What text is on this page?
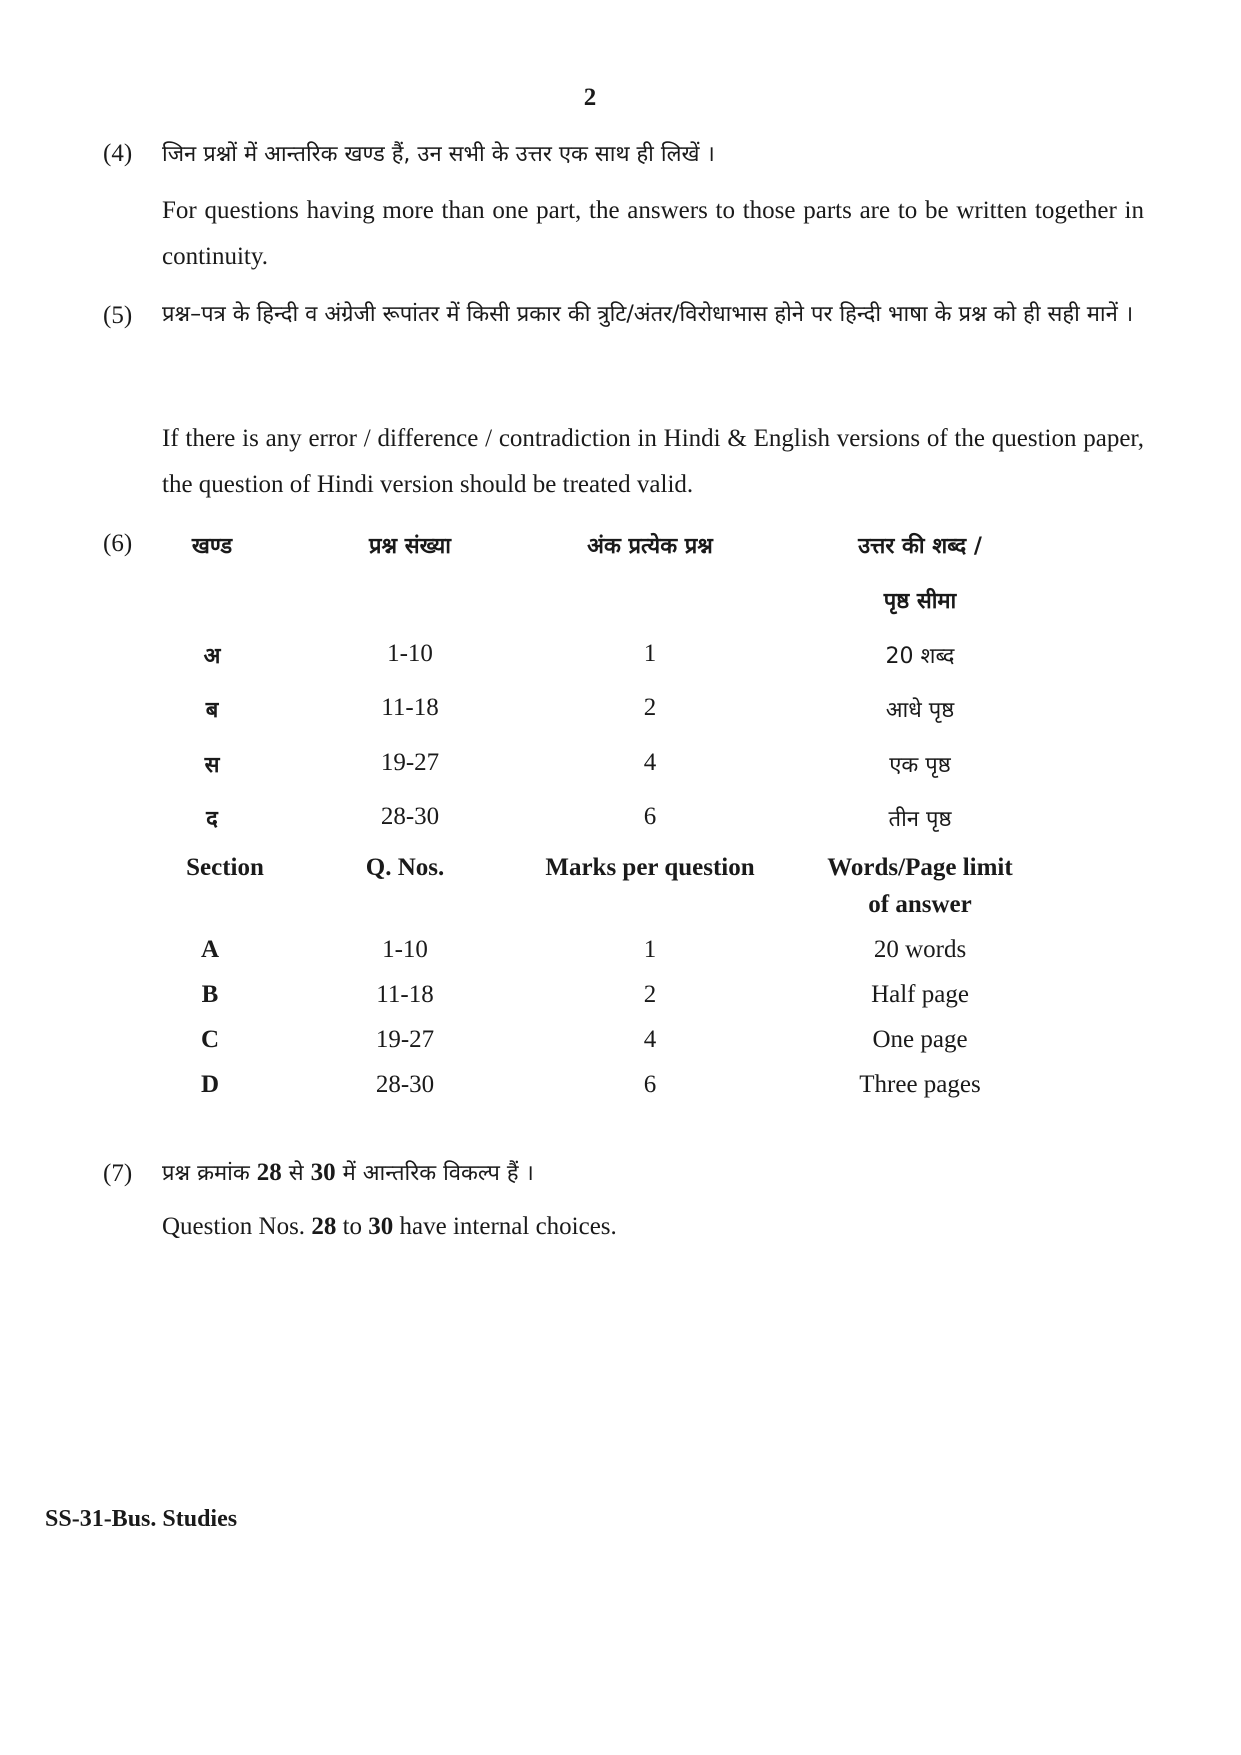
2
(4) जिन प्रश्नों में आन्तरिक खण्ड हैं, उन सभी के उत्तर एक साथ ही लिखें ।
For questions having more than one part, the answers to those parts are to be written together in continuity.
(5) प्रश्न–पत्र के हिन्दी व अंग्रेजी रूपांतर में किसी प्रकार की त्रुटि/अंतर/विरोधाभास होने पर हिन्दी भाषा के प्रश्न को ही सही मानें ।
If there is any error / difference / contradiction in Hindi & English versions of the question paper, the question of Hindi version should be treated valid.
(6)	खण्ड	प्रश्न संख्या	अंक प्रत्येक प्रश्न	उत्तर की शब्द /
पृष्ठ सीमा
अ	1-10	1	20 शब्द
ब	11-18	2	आधे पृष्ठ
स	19-27	4	एक पृष्ठ
द	28-30	6	तीन पृष्ठ
Section	Q. Nos.	Marks per question	Words/Page limit
of answer
A	1-10	1	20 words
B	11-18	2	Half page
C	19-27	4	One page
D	28-30	6	Three pages
(7) प्रश्न क्रमांक 28 से 30 में आन्तरिक विकल्प हैं ।
Question Nos. 28 to 30 have internal choices.
SS-31-Bus. Studies
